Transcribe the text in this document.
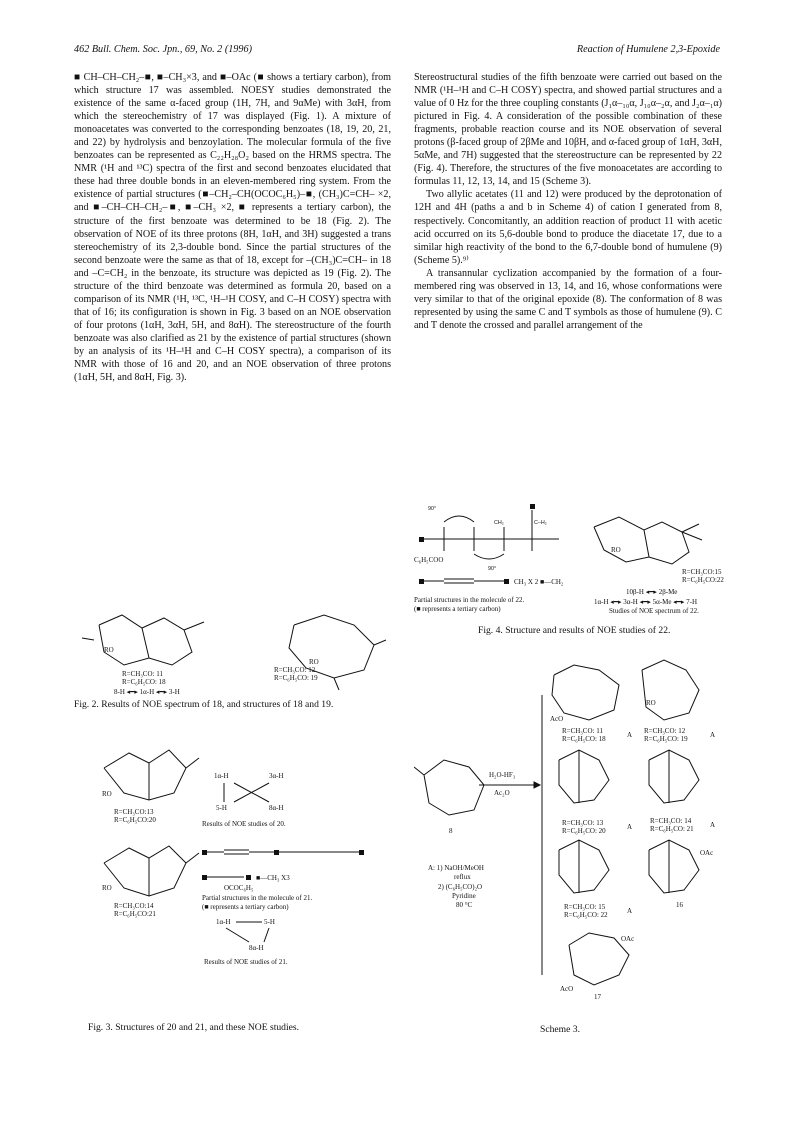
462 Bull. Chem. Soc. Jpn., 69, No. 2 (1996)	Reaction of Humulene 2,3-Epoxide

■ CH–CH–CH₂–■, ■–CH₃×3, and ■–OAc (■ shows a tertiary carbon), from which structure 17 was assembled. NOESY studies demonstrated the existence of the same α-faced group (1H, 7H, and 9αMe) with 3αH, from which the stereochemistry of 17 was displayed (Fig. 1). A mixture of monoacetates was converted to the corresponding benzoates (18, 19, 20, 21, and 22) by hydrolysis and benzoylation. The molecular formula of the five benzoates can be represented as C₂₂H₂₈O₂ based on the HRMS spectra. The NMR (¹H and ¹³C) spectra of the first and second benzoates elucidated that these had three double bonds in an eleven-membered ring system. From the existence of partial structures (■–CH₂–CH(OCOC₆H₅)–■, (CH₃)C=CH– ×2, and ■–CH–CH–CH₂–■, ■–CH₃ ×2, ■ represents a tertiary carbon), the structure of the first benzoate was determined to be 18 (Fig. 2). The observation of NOE of its three protons (8H, 1αH, and 3H) suggested a trans stereochemistry of its 2,3-double bond. Since the partial structures of the second benzoate were the same as that of 18, except for –(CH₃)C=CH– in 18 and –C=CH₂ in the benzoate, its structure was depicted as 19 (Fig. 2). The structure of the third benzoate was determined as formula 20, based on a comparison of its NMR (¹H, ¹³C, ¹H–¹H COSY, and C–H COSY) spectra with that of 16; its configuration is shown in Fig. 3 based on an NOE observation of four protons (1αH, 3αH, 5H, and 8αH). The stereostructure of the fourth benzoate was also clarified as 21 by the existence of partial structures (shown by an analysis of its ¹H–¹H and C–H COSY spectra), a comparison of its NMR with those of 16 and 20, and an NOE observation of three protons (1αH, 5H, and 8αH, Fig. 3).

Stereostructural studies of the fifth benzoate were carried out based on the NMR (¹H–¹H and C–H COSY) spectra, and showed partial structures and a value of 0 Hz for the three coupling constants (J₁α–₁₀α, J₁₀α–₂α, and J₂α–₁α) pictured in Fig. 4. A consideration of the possible combination of these fragments, probable reaction course and its NOE observation of several protons (β-faced group of 2βMe and 10βH, and α-faced group of 1αH, 3αH, 5αMe, and 7H) suggested that the stereostructure can be represented by 22 (Fig. 4). Therefore, the structures of the five monoacetates are according to formulas 11, 12, 13, 14, and 15 (Scheme 3).

Two allylic acetates (11 and 12) were produced by the deprotonation of 12H and 4H (paths a and b in Scheme 4) of cation I generated from 8, respectively. Concomitantly, an addition reaction of product 11 with acetic acid occurred on its 5,6-double bond to produce the diacetate 17, due to a similar high reactivity of the bond to the 6,7-double bond of humulene (9) (Scheme 5).⁹⁾

A transannular cyclization accompanied by the formation of a four-membered ring was observed in 13, 14, and 16, whose conformations were very similar to that of the original epoxide (8). The conformation of 8 was represented by using the same C and T symbols as those of humulene (9). C and T denote the crossed and parallel arrangement of the

90°
90°
C–H₂
CH₂
C₆H₅COO
CH₃ X 2 ■—CH₂
Partial structures in the molecule of 22.
(■ represents a tertiary carbon)
RO
R=CH₃CO:15
R=C₆H₅CO:22
10β-H ◂━▸ 2β-Me
1α-H ◂━▸ 3α-H ◂━▸ 5α-Me ◂━▸ 7-H
Studies of NOE spectrum of 22.
Fig. 4. Structure and results of NOE studies of 22.
RO
R=CH₃CO: 11
R=C₆H₅CO: 18
8-H ◂━▸ 1α-H ◂━▸ 3-H
R=CH₃CO: 12
R=C₆H₅CO: 19
RO
Fig. 2. Results of NOE spectrum of 18, and structures of 18 and 19.
RO
R=CH₃CO:13
R=C₆H₅CO:20
1α-H	3α-H
5-H	8α-H
Results of NOE studies of 20.
RO
R=CH₃CO:14
R=C₆H₅CO:21
■—CH₃ X3
OCOC₆H₅
Partial structures in the molecule of 21.
(■ represents a tertiary carbon)
1α-H	5-H
8α-H
Results of NOE studies of 21.
Fig. 3. Structures of 20 and 21, and these NOE studies.
8
H₂O-HF₃
Ac₂O
A: 1) NaOH/MeOH
reflux
2) (C₆H₅CO)₂O
Pyridine
80 °C
AcO
R=CH₃CO: 11
R=C₆H₅CO: 18	A
RO
R=CH₃CO: 12
R=C₆H₅CO: 19	A
R=CH₃CO: 13
R=C₆H₅CO: 20	A
R=CH₃CO: 14
R=C₆H₅CO: 21 A
R=CH₃CO: 15
R=C₆H₅CO: 22	A
OAc
16
OAc
AcO
17
Scheme 3.
